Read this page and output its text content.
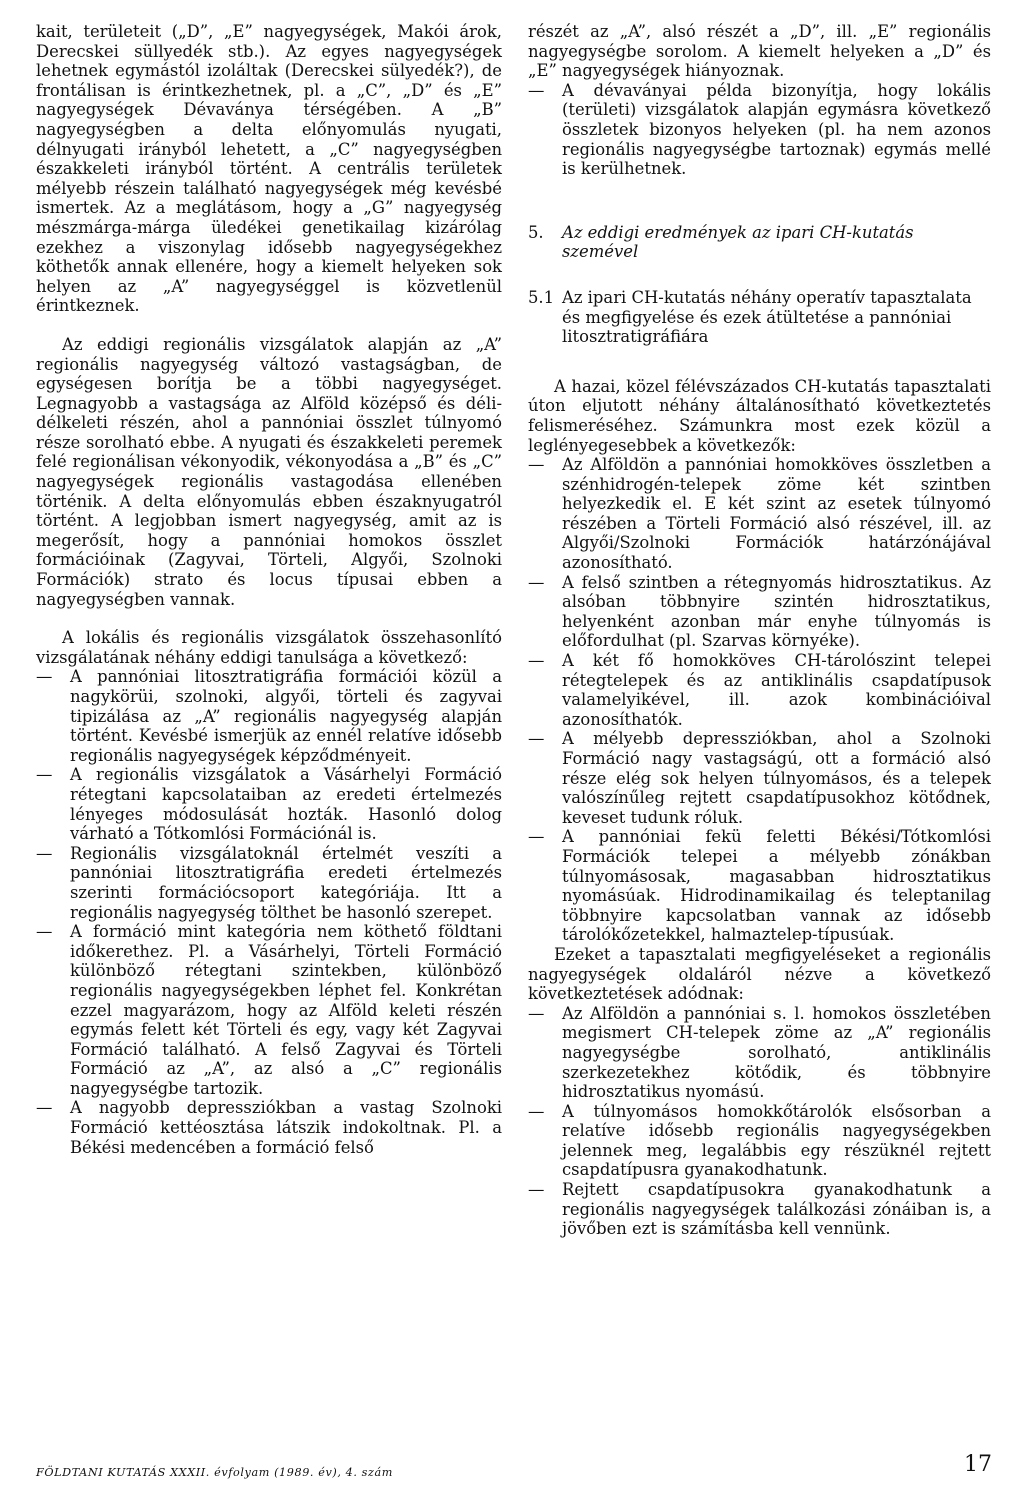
kait, területeit („D”, „E” nagyegységek, Makói árok, Derecskei süllyedék stb.). Az egyes nagyegységek lehetnek egymástól izoláltak (Derecskei sülyedék?), de frontálisan is érintkezhetnek, pl. a „C”, „D” és „E” nagyegységek Dévaványa térségében. A „B” nagyegységben a delta előnyomulás nyugati, délnyugati irányból lehetett, a „C” nagyegységben északkeleti irányból történt. A centrális területek mélyebb részein található nagyegységek még kevésbé ismertek. Az a meglátásom, hogy a „G” nagyegység mészmárga-márga üledékei genetikailag kizárólag ezekhez a viszonylag idősebb nagyegységekhez köthetők annak ellenére, hogy a kiemelt helyeken sok helyen az „A” nagyegységgel is közvetlenül érintkeznek.

Az eddigi regionális vizsgálatok alapján az „A” regionális nagyegység változó vastagságban, de egységesen borítja be a többi nagyegységet. Legnagyobb a vastagsága az Alföld középső és déli-délkeleti részén, ahol a pannóniai összlet túlnyomó része sorolható ebbe. A nyugati és északkeleti peremek felé regionálisan vékonyodik, vékonyodása a „B” és „C” nagyegységek regionális vastagodása ellenében történik. A delta előnyomulás ebben északnyugatról történt. A legjobban ismert nagyegység, amit az is megerősít, hogy a pannóniai homokos összlet formációinak (Zagyvai, Törteli, Algyői, Szolnoki Formációk) strato és locus típusai ebben a nagyegységben vannak.

A lokális és regionális vizsgálatok összehasonlító vizsgálatának néhány eddigi tanulsága a következő:

— A pannóniai litosztratigráfia formációi közül a nagykörüi, szolnoki, algyői, törteli és zagyvai tipizálása az „A” regionális nagyegység alapján történt. Kevésbé ismerjük az ennél relatíve idősebb regionális nagyegységek képződményeit.
— A regionális vizsgálatok a Vásárhelyi Formáció rétegtani kapcsolataiban az eredeti értelmezés lényeges módosulását hozták. Hasonló dolog várható a Tótkomlósi Formációnál is.
— Regionális vizsgálatoknál értelmét veszíti a pannóniai litosztratigráfia eredeti értelmezés szerinti formációcsoport kategóriája. Itt a regionális nagyegység tölthet be hasonló szerepet.
— A formáció mint kategória nem köthető földtani időkerethez. Pl. a Vásárhelyi, Törteli Formáció különböző rétegtani szintekben, különböző regionális nagyegységekben léphet fel. Konkrétan ezzel magyarázom, hogy az Alföld keleti részén egymás felett két Törteli és egy, vagy két Zagyvai Formáció található. A felső Zagyvai és Törteli Formáció az „A”, az alsó a „C” regionális nagyegységbe tartozik.
— A nagyobb depressziókban a vastag Szolnoki Formáció kettéosztása látszik indokoltnak. Pl. a Békési medencében a formáció felső

részét az „A”, alsó részét a „D”, ill. „E” regionális nagyegységbe sorolom. A kiemelt helyeken a „D” és „E” nagyegységek hiányoznak.

— A dévaványai példa bizonyítja, hogy lokális (területi) vizsgálatok alapján egymásra következő összletek bizonyos helyeken (pl. ha nem azonos regionális nagyegységbe tartoznak) egymás mellé is kerülhetnek.
5.	Az eddigi eredmények az ipari CH-kutatás szemével
5.1 Az ipari CH-kutatás néhány operatív tapasztalata és megfigyelése és ezek átültetése a pannóniai litosztratigráfiára

A hazai, közel félévszázados CH-kutatás tapasztalati úton eljutott néhány általánosítható következtetés felismeréséhez. Számunkra most ezek közül a leglényegesebbek a következők:

— Az Alföldön a pannóniai homokköves összletben a szénhidrogén-telepek zöme két szintben helyezkedik el. E két szint az esetek túlnyomó részében a Törteli Formáció alsó részével, ill. az Algyői/Szolnoki Formációk határzónájával azonosítható.
— A felső szintben a rétegnyomás hidrosztatikus. Az alsóban többnyire szintén hidrosztatikus, helyenként azonban már enyhe túlnyomás is előfordulhat (pl. Szarvas környéke).
— A két fő homokköves CH-tárolószint telepei rétegtelepek és az antiklinális csapdatípusok valamelyikével, ill. azok kombinációival azonosíthatók.
— A mélyebb depressziókban, ahol a Szolnoki Formáció nagy vastagságú, ott a formáció alsó része elég sok helyen túlnyomásos, és a telepek valószínűleg rejtett csapdatípusokhoz kötődnek, keveset tudunk róluk.
— A pannóniai fekü feletti Békési/Tótkomlósi Formációk telepei a mélyebb zónákban túlnyomásosak, magasabban hidrosztatikus nyomásúak. Hidrodinamikailag és teleptanilag többnyire kapcsolatban vannak az idősebb tárolókőzetekkel, halmaztelep-típusúak.

Ezeket a tapasztalati megfigyeléseket a regionális nagyegységek oldaláról nézve a következő következtetések adódnak:

— Az Alföldön a pannóniai s. l. homokos összletében megismert CH-telepek zöme az „A” regionális nagyegységbe sorolható, antiklinális szerkezetekhez kötődik, és többnyire hidrosztatikus nyomású.
— A túlnyomásos homokkőtárolók elsősorban a relatíve idősebb regionális nagyegységekben jelennek meg, legalábbis egy részüknél rejtett csapdatípusra gyanakodhatunk.
— Rejtett csapdatípusokra gyanakodhatunk a regionális nagyegységek találkozási zónáiban is, a jövőben ezt is számításba kell vennünk.
FÖLDTANI KUTATÁS XXXII. évfolyam (1989. év), 4. szám	17
